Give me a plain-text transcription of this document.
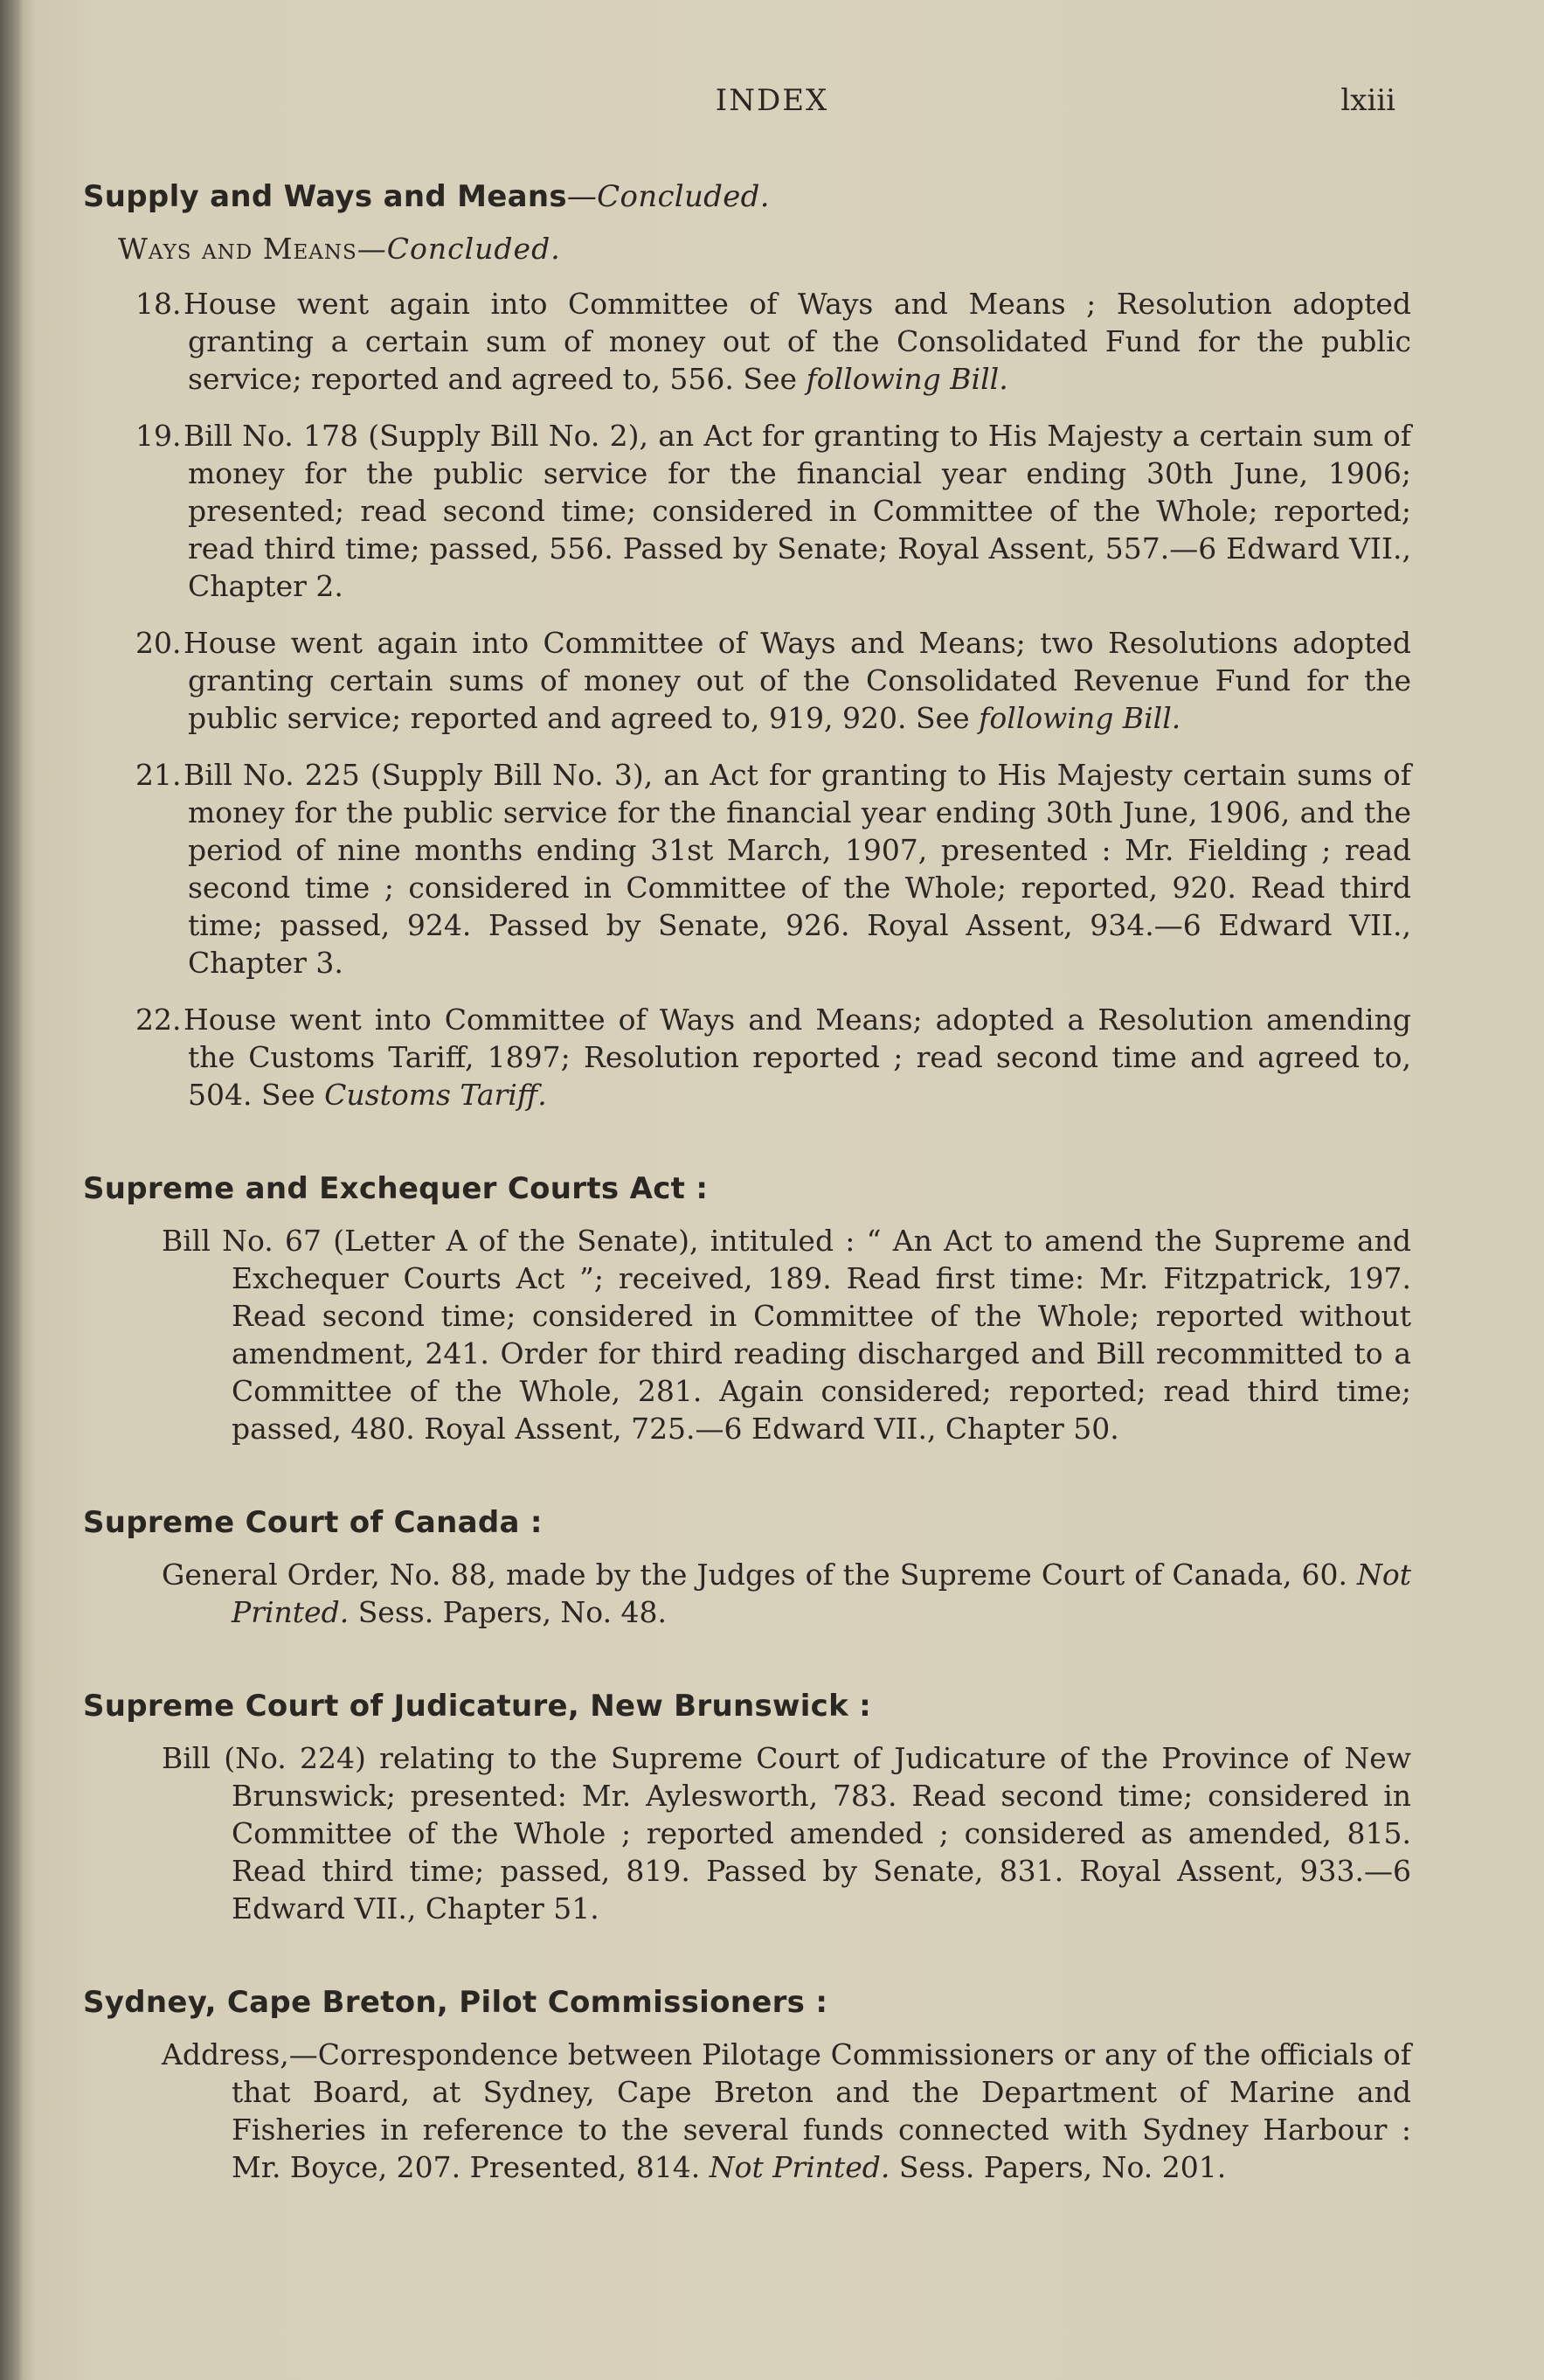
INDEX	lxiii

Supply and Ways and Means—Concluded.

Ways and Means—Concluded.

18.House went again into Committee of Ways and Means ; Resolution adopted granting a certain sum of money out of the Consolidated Fund for the public service; reported and agreed to, 556. See following Bill.

19.Bill No. 178 (Supply Bill No. 2), an Act for granting to His Majesty a certain sum of money for the public service for the financial year ending 30th June, 1906; presented; read second time; considered in Committee of the Whole; reported; read third time; passed, 556. Passed by Senate; Royal Assent, 557.—6 Edward VII., Chapter 2.

20.House went again into Committee of Ways and Means; two Resolutions adopted granting certain sums of money out of the Consolidated Revenue Fund for the public service; reported and agreed to, 919, 920. See following Bill.

21.Bill No. 225 (Supply Bill No. 3), an Act for granting to His Majesty certain sums of money for the public service for the financial year ending 30th June, 1906, and the period of nine months ending 31st March, 1907, presented : Mr. Fielding ; read second time ; considered in Committee of the Whole; reported, 920. Read third time; passed, 924. Passed by Senate, 926. Royal Assent, 934.—6 Edward VII., Chapter 3.

22.House went into Committee of Ways and Means; adopted a Resolution amending the Customs Tariff, 1897; Resolution reported ; read second time and agreed to, 504. See Customs Tariff.

Supreme and Exchequer Courts Act :

Bill No. 67 (Letter A of the Senate), intituled : “ An Act to amend the Supreme and Exchequer Courts Act ”; received, 189. Read first time: Mr. Fitzpatrick, 197. Read second time; considered in Committee of the Whole; reported without amendment, 241. Order for third reading discharged and Bill recommitted to a Committee of the Whole, 281. Again considered; reported; read third time; passed, 480. Royal Assent, 725.—6 Edward VII., Chapter 50.

Supreme Court of Canada :

General Order, No. 88, made by the Judges of the Supreme Court of Canada, 60. Not Printed. Sess. Papers, No. 48.

Supreme Court of Judicature, New Brunswick :

Bill (No. 224) relating to the Supreme Court of Judicature of the Province of New Brunswick; presented: Mr. Aylesworth, 783. Read second time; considered in Committee of the Whole ; reported amended ; considered as amended, 815. Read third time; passed, 819. Passed by Senate, 831. Royal Assent, 933.—6 Edward VII., Chapter 51.

Sydney, Cape Breton, Pilot Commissioners :

Address,—Correspondence between Pilotage Commissioners or any of the officials of that Board, at Sydney, Cape Breton and the Department of Marine and Fisheries in reference to the several funds connected with Sydney Harbour : Mr. Boyce, 207. Presented, 814. Not Printed. Sess. Papers, No. 201.
